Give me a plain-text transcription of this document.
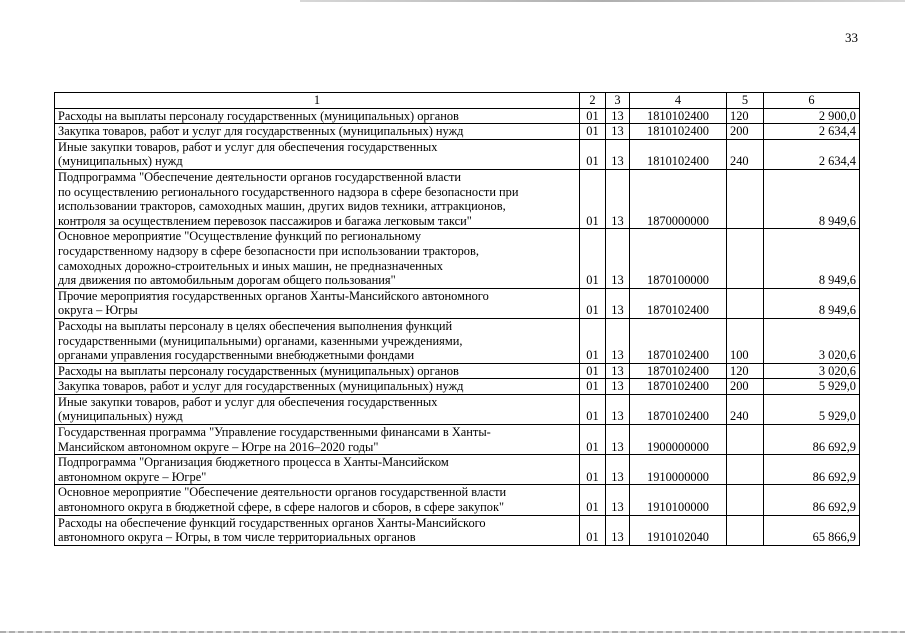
33
1	2	3	4	5	6

Расходы на выплаты персоналу государственных (муниципальных) органов	01	13	1810102400	120	2 900,0

Закупка товаров, работ и услуг для государственных (муниципальных) нужд	01	13	1810102400	200	2 634,4

Иные закупки товаров, работ и услуг для обеспечения государственных
(муниципальных) нужд	01	13	1810102400	240	2 634,4

Подпрограмма "Обеспечение деятельности органов государственной власти
по осуществлению регионального государственного надзора в сфере безопасности при
использовании тракторов, самоходных машин, других видов техники, аттракционов,
контроля за осуществлением перевозок пассажиров и багажа легковым такси"	01	13	1870000000		8 949,6

Основное мероприятие "Осуществление функций по региональному
государственному надзору в сфере безопасности при использовании тракторов,
самоходных дорожно-строительных и иных машин, не предназначенных
для движения по автомобильным дорогам общего пользования"	01	13	1870100000		8 949,6

Прочие мероприятия государственных органов Ханты-Мансийского автономного
округа – Югры	01	13	1870102400		8 949,6

Расходы на выплаты персоналу в целях обеспечения выполнения функций
государственными (муниципальными) органами, казенными учреждениями,
органами управления государственными внебюджетными фондами	01	13	1870102400	100	3 020,6

Расходы на выплаты персоналу государственных (муниципальных) органов	01	13	1870102400	120	3 020,6

Закупка товаров, работ и услуг для государственных (муниципальных) нужд	01	13	1870102400	200	5 929,0

Иные закупки товаров, работ и услуг для обеспечения государственных
(муниципальных) нужд	01	13	1870102400	240	5 929,0

Государственная программа "Управление государственными финансами в Ханты-
Мансийском автономном округе – Югре на 2016–2020 годы"	01	13	1900000000		86 692,9

Подпрограмма "Организация бюджетного процесса в Ханты-Мансийском
автономном округе – Югре"	01	13	1910000000		86 692,9

Основное мероприятие "Обеспечение деятельности органов государственной власти
автономного округа в бюджетной сфере, в сфере налогов и сборов, в сфере закупок"	01	13	1910100000		86 692,9

Расходы на обеспечение функций государственных органов Ханты-Мансийского
автономного округа – Югры, в том числе территориальных органов	01	13	1910102040		65 866,9
